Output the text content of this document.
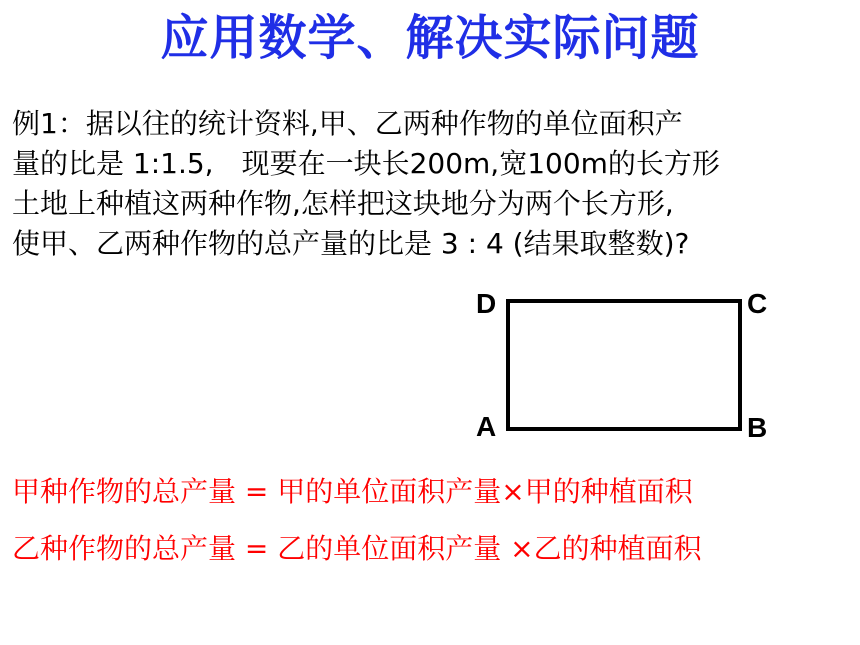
应用数学、解决实际问题
例1：据以往的统计资料,甲、乙两种作物的单位面积产
量的比是 1:1.5,　现要在一块长200m,宽100m的长方形
土地上种植这两种作物,怎样把这块地分为两个长方形,
使甲、乙两种作物的总产量的比是 3 : 4 (结果取整数)?
D	C
A	B
甲种作物的总产量 = 甲的单位面积产量×甲的种植面积
乙种作物的总产量 = 乙的单位面积产量 ×乙的种植面积
